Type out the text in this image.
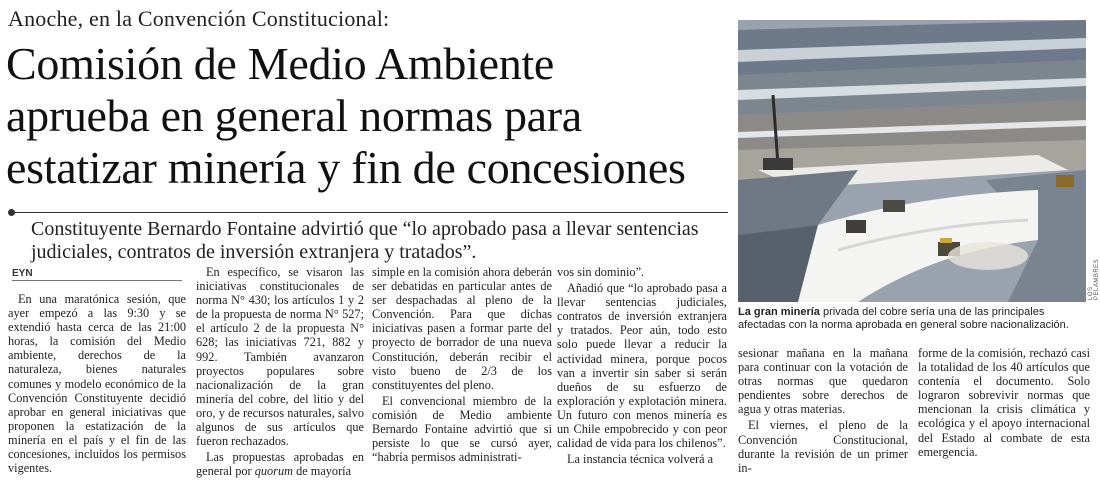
Anoche, en la Convención Constitucional:
Comisión de Medio Ambiente
aprueba en general normas para
estatizar minería y fin de concesiones
Constituyente Bernardo Fontaine advirtió que “lo aprobado pasa a llevar sentencias judiciales, contratos de inversión extranjera y tratados”.
EYN

En una maratónica sesión, que ayer empezó a las 9:30 y se extendió hasta cerca de las 21:00 horas, la comisión del Medio ambiente, derechos de la naturaleza, bienes naturales comunes y modelo económico de la Convención Constituyente decidió aprobar en general iniciativas que proponen la estatización de la minería en el país y el fin de las concesiones, incluidos los permisos vigentes.

En específico, se visaron las iniciativas constitucionales de norma N° 430; los artículos 1 y 2 de la propuesta de norma N° 527; el artículo 2 de la propuesta N° 628; las iniciativas 721, 882 y 992. También avanzaron proyectos populares sobre nacionalización de la gran minería del cobre, del litio y del oro, y de recursos naturales, salvo algunos de sus artículos que fueron rechazados.

Las propuestas aprobadas en general por quorum de mayoría

simple en la comisión ahora deberán ser debatidas en particular antes de ser despachadas al pleno de la Convención. Para que dichas iniciativas pasen a formar parte del proyecto de borrador de una nueva Constitución, deberán recibir el visto bueno de 2/3 de los constituyentes del pleno.

El convencional miembro de la comisión de Medio ambiente Bernardo Fontaine advirtió que si persiste lo que se cursó ayer, “habría permisos administrati-

vos sin dominio”.

Añadió que “lo aprobado pasa a llevar sentencias judiciales, contratos de inversión extranjera y tratados. Peor aún, todo esto solo puede llevar a reducir la actividad minera, porque pocos van a invertir sin saber si serán dueños de su esfuerzo de exploración y explotación minera. Un futuro con menos minería es un Chile empobrecido y con peor calidad de vida para los chilenos”.

La instancia técnica volverá a

LOS PELAMBRES
La gran minería privada del cobre sería una de las principales afectadas con la norma aprobada en general sobre nacionalización.

sesionar mañana en la mañana para continuar con la votación de otras normas que quedaron pendientes sobre derechos de agua y otras materias.

El viernes, el pleno de la Convención Constitucional, durante la revisión de un primer in-

forme de la comisión, rechazó casi la totalidad de los 40 artículos que contenía el documento. Solo lograron sobrevivir normas que mencionan la crisis climática y ecológica y el apoyo internacional del Estado al combate de esta emergencia.
